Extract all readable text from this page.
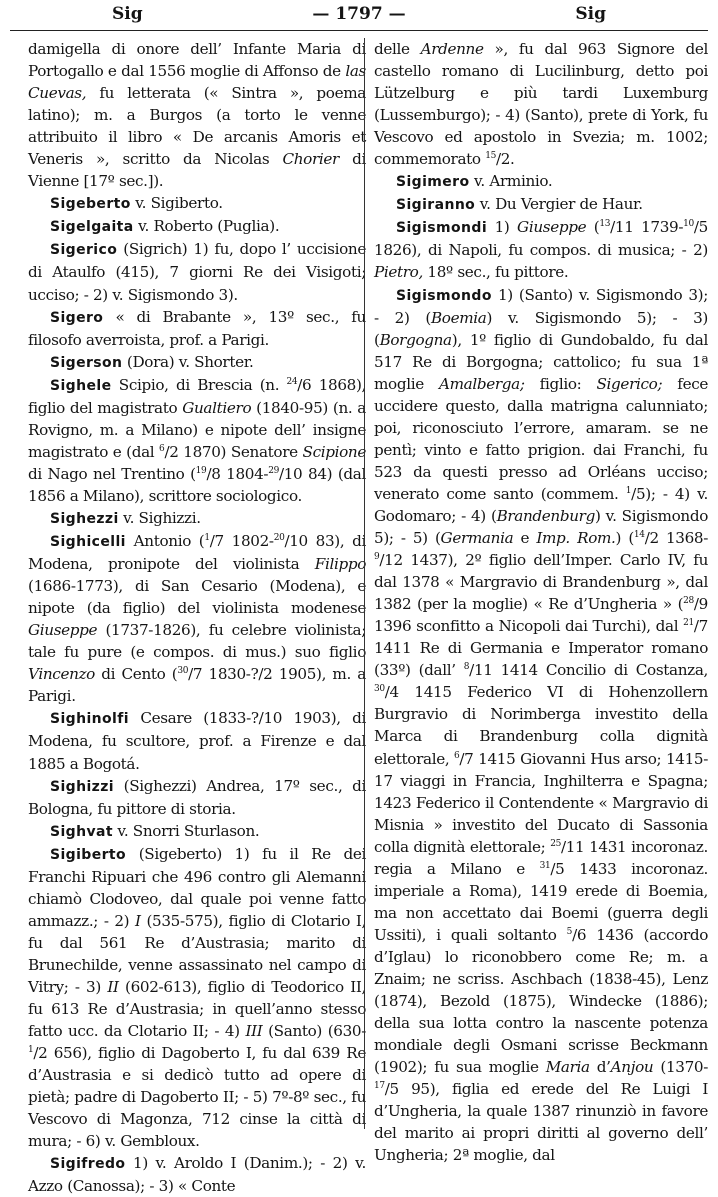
Sig	— 1797 —	Sig

damigella di onore dell’ Infante Maria di Portogallo e dal 1556 moglie di Affonso de las Cuevas, fu letterata (« Sintra », poema latino); m. a Burgos (a torto le venne attribuito il libro « De arcanis Amoris et Veneris », scritto da Nicolas Chorier di Vienne [17º sec.]).

Sigeberto v. Sigiberto.

Sigelgaita v. Roberto (Puglia).

Sigerico (Sigrich) 1) fu, dopo l’ uccisione di Ataulfo (415), 7 giorni Re dei Visigoti; ucciso; - 2) v. Sigismondo 3).

Sigero « di Brabante », 13º sec., fu filosofo averroista, prof. a Parigi.

Sigerson (Dora) v. Shorter.

Sighele Scipio, di Brescia (n. $^{24}$/6 1868), figlio del magistrato Gualtiero (1840-95) (n. a Rovigno, m. a Milano) e nipote dell’ insigne magistrato e (dal $^6$/2 1870) Senatore Scipione di Nago nel Trentino ($^{19}$/8 1804-$^{29}$/10 84) (dal 1856 a Milano), scrittore sociologico.

Sighezzi v. Sighizzi.

Sighicelli Antonio ($^1$/7 1802-$^{20}$/10 83), di Modena, pronipote del violinista Filippo (1686-1773), di San Cesario (Modena), e nipote (da figlio) del violinista modenese Giuseppe (1737-1826), fu celebre violinista; tale fu pure (e compos. di mus.) suo figlio Vincenzo di Cento ($^{30}$/7 1830-?/2 1905), m. a Parigi.

Sighinolfi Cesare (1833-?/10 1903), di Modena, fu scultore, prof. a Firenze e dal 1885 a Bogotá.

Sighizzi (Sighezzi) Andrea, 17º sec., di Bologna, fu pittore di storia.

Sighvat v. Snorri Sturlason.

Sigiberto (Sigeberto) 1) fu il Re dei Franchi Ripuari che 496 contro gli Alemanni chiamò Clodoveo, dal quale poi venne fatto ammazz.; - 2) I (535-575), figlio di Clotario I, fu dal 561 Re d’Austrasia; marito di Brunechilde, venne assassinato nel campo di Vitry; - 3) II (602-613), figlio di Teodorico II, fu 613 Re d’Austrasia; in quell’anno stesso fatto ucc. da Clotario II; - 4) III (Santo) (630-$^1$/2 656), figlio di Dagoberto I, fu dal 639 Re d’Austrasia e si dedicò tutto ad opere di pietà; padre di Dagoberto II; - 5) 7º-8º sec., fu Vescovo di Magonza, 712 cinse la città di mura; - 6) v. Gembloux.

Sigifredo 1) v. Aroldo I (Danim.); - 2) v. Azzo (Canossa); - 3) « Conte

delle Ardenne », fu dal 963 Signore del castello romano di Lucilinburg, detto poi Lützelburg e più tardi Luxemburg (Lussemburgo); - 4) (Santo), prete di York, fu Vescovo ed apostolo in Svezia; m. 1002; commemorato $^{15}$/2.

Sigimero v. Arminio.

Sigiranno v. Du Vergier de Haur.

Sigismondi 1) Giuseppe ($^{13}$/11 1739-$^{10}$/5 1826), di Napoli, fu compos. di musica; - 2) Pietro, 18º sec., fu pittore.

Sigismondo 1) (Santo) v. Sigismondo 3); - 2) (Boemia) v. Sigismondo 5); - 3) (Borgogna), 1º figlio di Gundobaldo, fu dal 517 Re di Borgogna; cattolico; fu sua 1ª moglie Amalberga; figlio: Sigerico; fece uccidere questo, dalla matrigna calunniato; poi, riconosciuto l’errore, amaram. se ne pentì; vinto e fatto prigion. dai Franchi, fu 523 da questi presso ad Orléans ucciso; venerato come santo (commem. $^1$/5); - 4) v. Godomaro; - 4) (Brandenburg) v. Sigismondo 5); - 5) (Germania e Imp. Rom.) ($^{14}$/2 1368-$^9$/12 1437), 2º figlio dell’Imper. Carlo IV, fu dal 1378 « Margravio di Brandenburg », dal 1382 (per la moglie) « Re d’Ungheria » ($^{28}$/9 1396 sconfitto a Nicopoli dai Turchi), dal $^{21}$/7 1411 Re di Germania e Imperator romano (33º) (dall’ $^8$/11 1414 Concilio di Costanza, $^{30}$/4 1415 Federico VI di Hohenzollern Burgravio di Norimberga investito della Marca di Brandenburg colla dignità elettorale, $^6$/7 1415 Giovanni Hus arso; 1415-17 viaggi in Francia, Inghilterra e Spagna; 1423 Federico il Contendente « Margravio di Misnia » investito del Ducato di Sassonia colla dignità elettorale; $^{25}$/11 1431 incoronaz. regia a Milano e $^{31}$/5 1433 incoronaz. imperiale a Roma), 1419 erede di Boemia, ma non accettato dai Boemi (guerra degli Ussiti), i quali soltanto $^5$/6 1436 (accordo d’Iglau) lo riconobbero come Re; m. a Znaim; ne scriss. Aschbach (1838-45), Lenz (1874), Bezold (1875), Windecke (1886); della sua lotta contro la nascente potenza mondiale degli Osmani scrisse Beckmann (1902); fu sua moglie Maria d’Anjou (1370-$^{17}$/5 95), figlia ed erede del Re Luigi I d’Ungheria, la quale 1387 rinunziò in favore del marito ai propri diritti al governo dell’ Ungheria; 2ª moglie, dal
